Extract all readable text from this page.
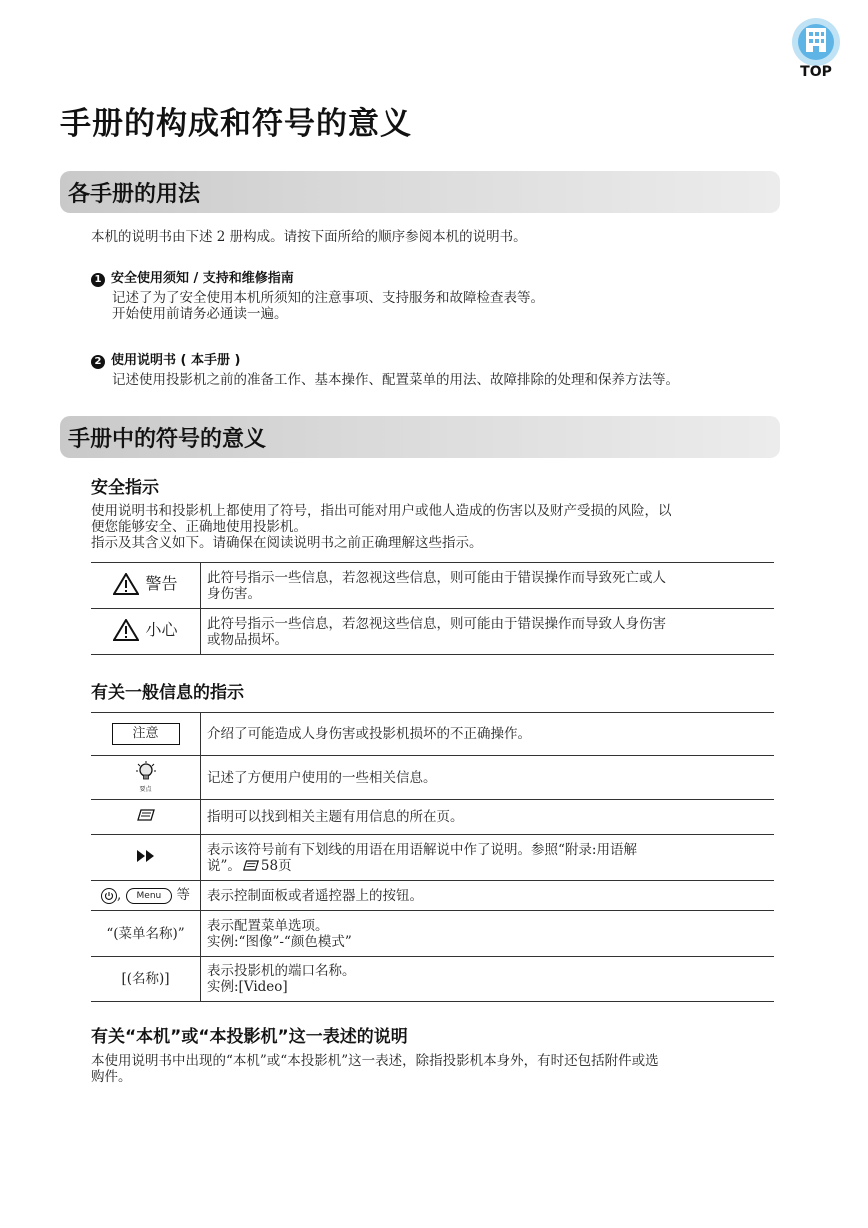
TOP
手册的构成和符号的意义
各手册的用法
本机的说明书由下述 2 册构成。请按下面所给的顺序参阅本机的说明书。
1 安全使用须知 / 支持和维修指南
记述了为了安全使用本机所须知的注意事项、支持服务和故障检查表等。
开始使用前请务必通读一遍。
2 使用说明书 ( 本手册 )
记述使用投影机之前的准备工作、基本操作、配置菜单的用法、故障排除的处理和保养方法等。
手册中的符号的意义
安全指示
使用说明书和投影机上都使用了符号，指出可能对用户或他人造成的伤害以及财产受损的风险，以
便您能够安全、正确地使用投影机。
指示及其含义如下。请确保在阅读说明书之前正确理解这些指示。
警告	此符号指示一些信息，若忽视这些信息，则可能由于错误操作而导致死亡或人
身伤害。

小心	此符号指示一些信息，若忽视这些信息，则可能由于错误操作而导致人身伤害
或物品损坏。
有关一般信息的指示
注意	介绍了可能造成人身伤害或投影机损坏的不正确操作。

要点	记述了方便用户使用的一些相关信息。

指明可以找到相关主题有用信息的所在页。

表示该符号前有下划线的用语在用语解说中作了说明。参照“附录:用语解
说”。 58页

, Menu 等	表示控制面板或者遥控器上的按钮。

“(菜单名称)”	表示配置菜单选项。
实例:“图像”-“颜色模式”

[(名称)]	表示投影机的端口名称。
实例:[Video]
有关“本机”或“本投影机”这一表述的说明
本使用说明书中出现的“本机”或“本投影机”这一表述，除指投影机本身外，有时还包括附件或选
购件。
